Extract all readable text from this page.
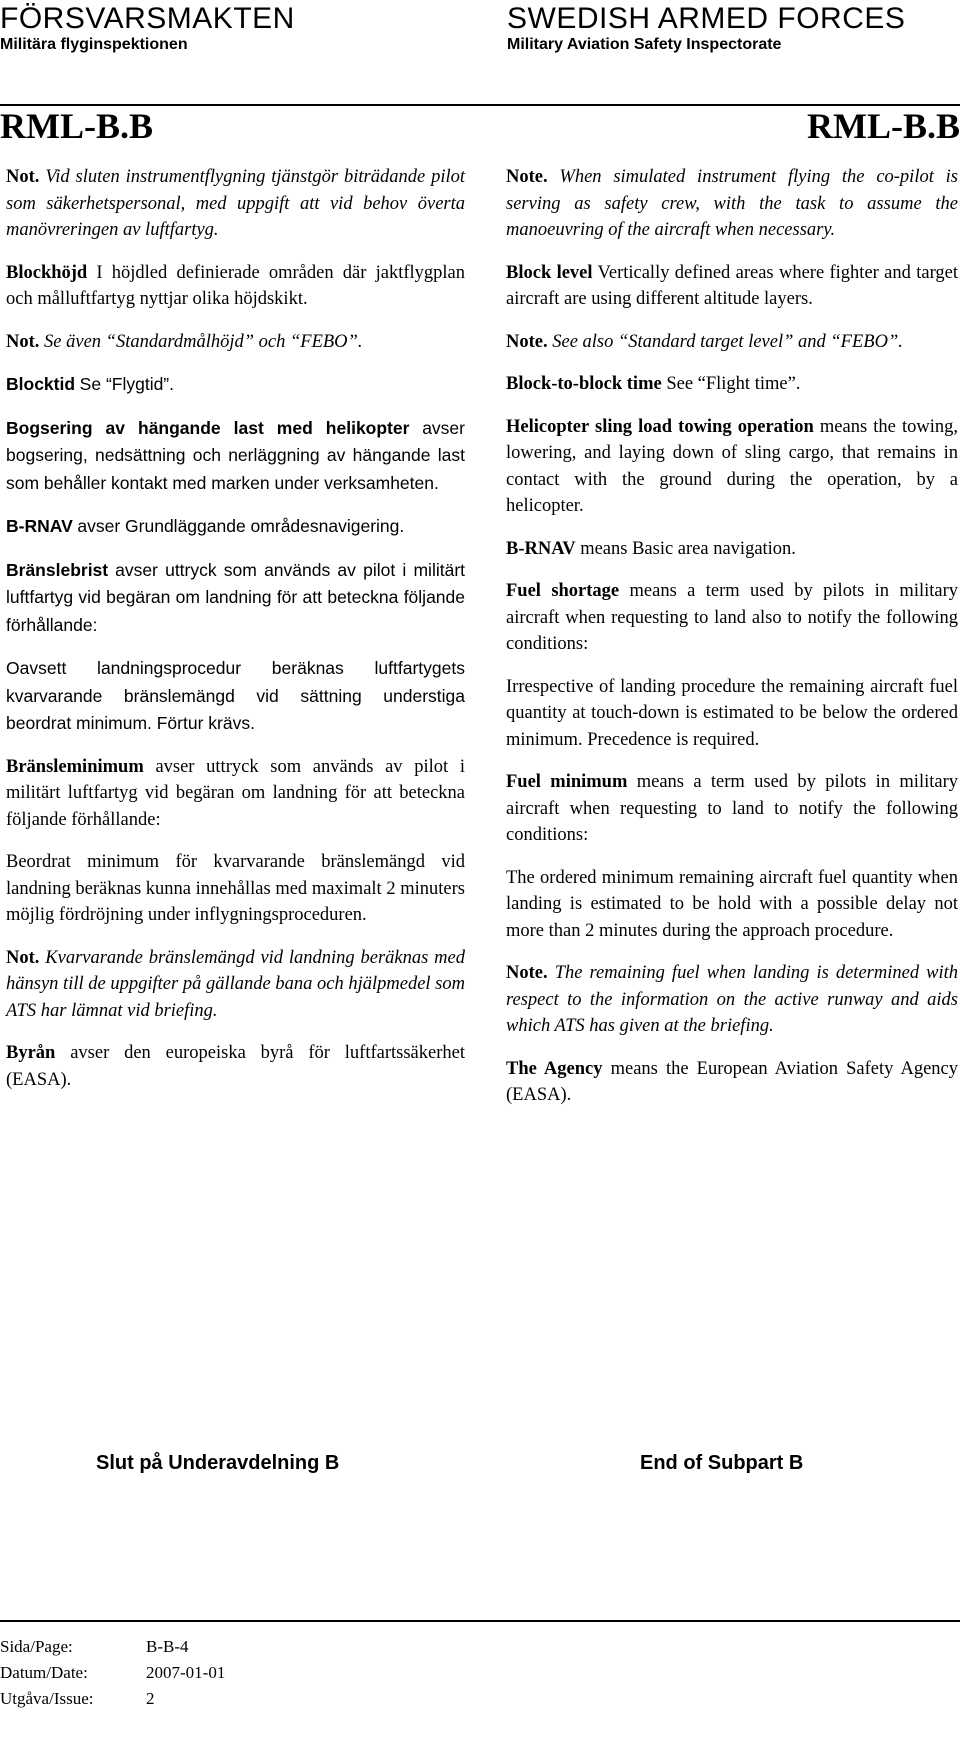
FÖRSVARSMAKTEN
Militära flyginspektionen
SWEDISH ARMED FORCES
Military Aviation Safety Inspectorate
RML-B.B	RML-B.B

Not. Vid sluten instrumentflygning tjänstgör biträdande pilot som säkerhetspersonal, med uppgift att vid behov överta manövreringen av luftfartyg.

Blockhöjd I höjdled definierade områden där jaktflygplan och målluftfartyg nyttjar olika höjdskikt.

Not. Se även “Standardmålhöjd” och “FEBO”.

Blocktid Se “Flygtid”.

Bogsering av hängande last med helikopter avser bogsering, nedsättning och nerläggning av hängande last som behåller kontakt med marken under verksamheten.

B-RNAV avser Grundläggande områdesnavigering.

Bränslebrist avser uttryck som används av pilot i militärt luftfartyg vid begäran om landning för att beteckna följande förhållande:

Oavsett landningsprocedur beräknas luftfartygets kvarvarande bränslemängd vid sättning understiga beordrat minimum. Förtur krävs.

Bränsleminimum avser uttryck som används av pilot i militärt luftfartyg vid begäran om landning för att beteckna följande förhållande:

Beordrat minimum för kvarvarande bränslemängd vid landning beräknas kunna innehållas med maximalt 2 minuters möjlig fördröjning under inflygningsproceduren.

Not. Kvarvarande bränslemängd vid landning beräknas med hänsyn till de uppgifter på gällande bana och hjälpmedel som ATS har lämnat vid briefing.

Byrån avser den europeiska byrå för luftfartssäkerhet (EASA).

Note. When simulated instrument flying the co-pilot is serving as safety crew, with the task to assume the manoeuvring of the aircraft when necessary.

Block level Vertically defined areas where fighter and target aircraft are using different altitude layers.

Note. See also “Standard target level” and “FEBO”.

Block-to-block time See “Flight time”.

Helicopter sling load towing operation means the towing, lowering, and laying down of sling cargo, that remains in contact with the ground during the operation, by a helicopter.

B-RNAV means Basic area navigation.

Fuel shortage means a term used by pilots in military aircraft when requesting to land also to notify the following conditions:

Irrespective of landing procedure the remaining aircraft fuel quantity at touch-down is estimated to be below the ordered minimum. Precedence is required.

Fuel minimum means a term used by pilots in military aircraft when requesting to land to notify the following conditions:

The ordered minimum remaining aircraft fuel quantity when landing is estimated to be hold with a possible delay not more than 2 minutes during the approach procedure.

Note. The remaining fuel when landing is determined with respect to the information on the active runway and aids which ATS has given at the briefing.

The Agency means the European Aviation Safety Agency (EASA).

Slut på Underavdelning B	End of Subpart B
Sida/Page:	B-B-4
Datum/Date:	2007-01-01
Utgåva/Issue:	2
